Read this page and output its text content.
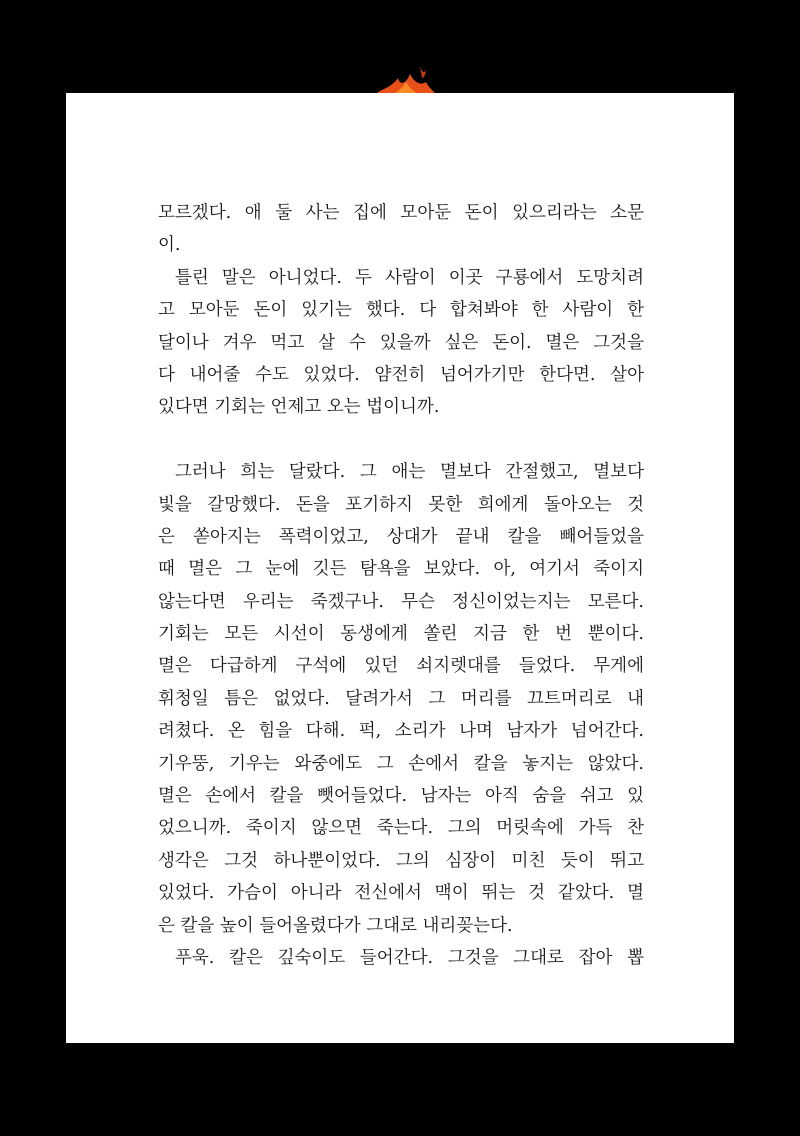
모르겠다. 애 둘 사는 집에 모아둔 돈이 있으리라는 소문
이.
틀린 말은 아니었다. 두 사람이 이곳 구룡에서 도망치려
고 모아둔 돈이 있기는 했다. 다 합쳐봐야 한 사람이 한
달이나 겨우 먹고 살 수 있을까 싶은 돈이. 멸은 그것을
다 내어줄 수도 있었다. 얌전히 넘어가기만 한다면. 살아
있다면 기회는 언제고 오는 법이니까.
그러나 희는 달랐다. 그 애는 멸보다 간절했고, 멸보다
빛을 갈망했다. 돈을 포기하지 못한 희에게 돌아오는 것
은 쏟아지는 폭력이었고, 상대가 끝내 칼을 빼어들었을
때 멸은 그 눈에 깃든 탐욕을 보았다. 아, 여기서 죽이지
않는다면 우리는 죽겠구나. 무슨 정신이었는지는 모른다.
기회는 모든 시선이 동생에게 쏠린 지금 한 번 뿐이다.
멸은 다급하게 구석에 있던 쇠지렛대를 들었다. 무게에
휘청일 틈은 없었다. 달려가서 그 머리를 끄트머리로 내
려쳤다. 온 힘을 다해. 퍽, 소리가 나며 남자가 넘어간다.
기우뚱, 기우는 와중에도 그 손에서 칼을 놓지는 않았다.
멸은 손에서 칼을 뺏어들었다. 남자는 아직 숨을 쉬고 있
었으니까. 죽이지 않으면 죽는다. 그의 머릿속에 가득 찬
생각은 그것 하나뿐이었다. 그의 심장이 미친 듯이 뛰고
있었다. 가슴이 아니라 전신에서 맥이 뛰는 것 같았다. 멸
은 칼을 높이 들어올렸다가 그대로 내리꽂는다.
푸욱. 칼은 깊숙이도 들어간다. 그것을 그대로 잡아 뽑
